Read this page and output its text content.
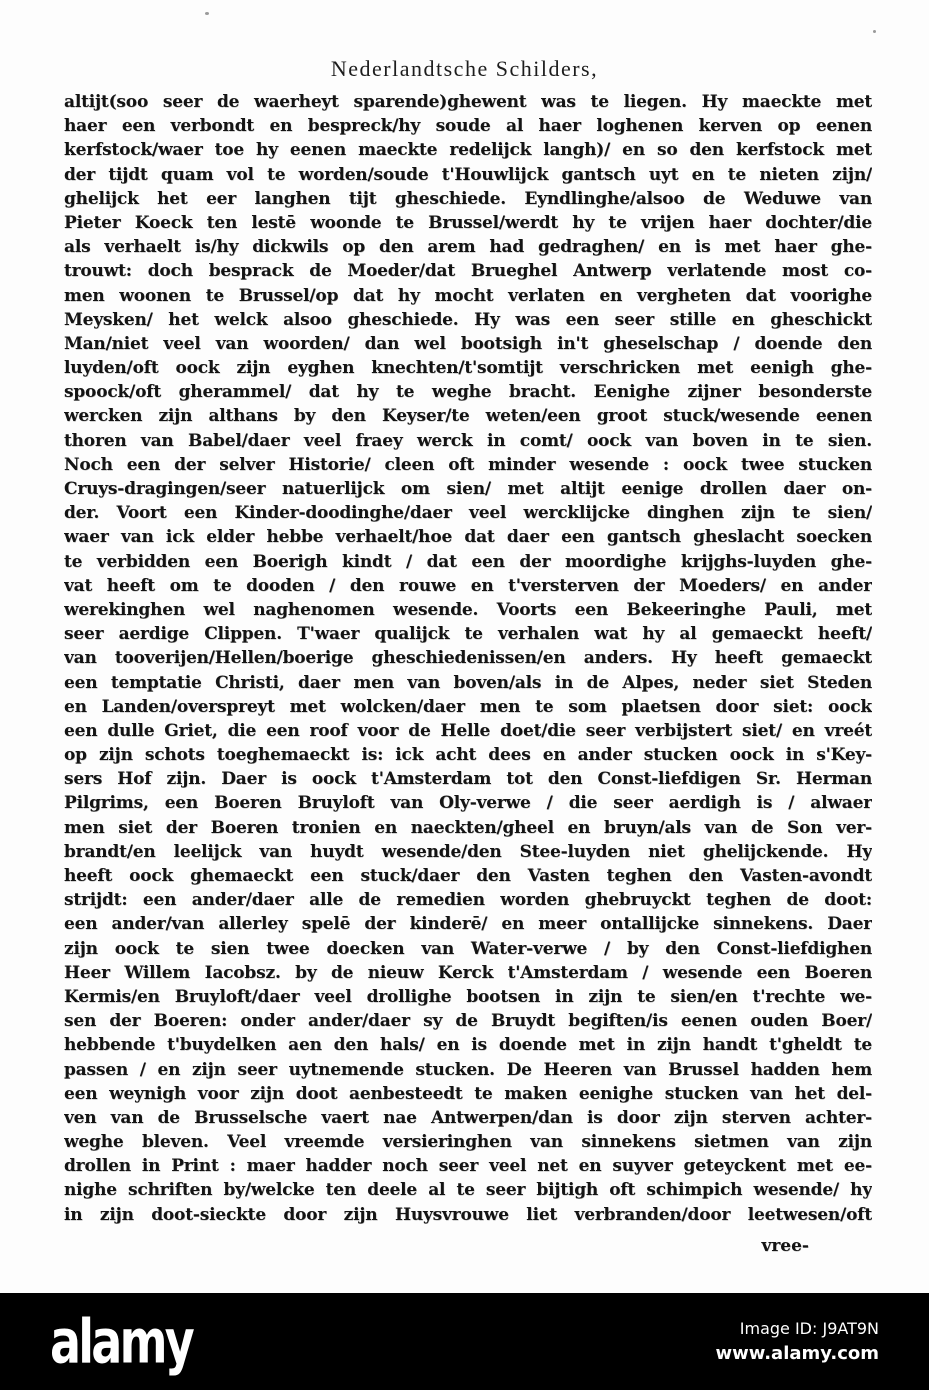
Nederlandtsche Schilders,
altijt(soo seer de waerheyt sparende)ghewent was te liegen. Hy maeckte met
haer een verbondt en bespreck/hy soude al haer loghenen kerven op eenen
kerfstock/waer toe hy eenen maeckte redelijck langh)/ en so den kerfstock met
der tijdt quam vol te worden/soude t'Houwlijck gantsch uyt en te nieten zijn/
ghelijck het eer langhen tijt gheschiede. Eyndlinghe/alsoo de Weduwe van
Pieter Koeck ten lestē woonde te Brussel/werdt hy te vrijen haer dochter/die
als verhaelt is/hy dickwils op den arem had gedraghen/ en is met haer ghe-
trouwt: doch besprack de Moeder/dat Brueghel Antwerp verlatende most co-
men woonen te Brussel/op dat hy mocht verlaten en vergheten dat voorighe
Meysken/ het welck alsoo gheschiede. Hy was een seer stille en gheschickt
Man/niet veel van woorden/ dan wel bootsigh in't gheselschap / doende den
luyden/oft oock zijn eyghen knechten/t'somtijt verschricken met eenigh ghe-
spoock/oft gherammel/ dat hy te weghe bracht. Eenighe zijner besonderste
wercken zijn althans by den Keyser/te weten/een groot stuck/wesende eenen
thoren van Babel/daer veel fraey werck in comt/ oock van boven in te sien.
Noch een der selver Historie/ cleen oft minder wesende : oock twee stucken
Cruys-dragingen/seer natuerlijck om sien/ met altijt eenige drollen daer on-
der. Voort een Kinder-doodinghe/daer veel wercklijcke dinghen zijn te sien/
waer van ick elder hebbe verhaelt/hoe dat daer een gantsch gheslacht soecken
te verbidden een Boerigh kindt / dat een der moordighe krijghs-luyden ghe-
vat heeft om te dooden / den rouwe en t'versterven der Moeders/ en ander
werekinghen wel naghenomen wesende. Voorts een Bekeeringhe Pauli, met
seer aerdige Clippen. T'waer qualijck te verhalen wat hy al gemaeckt heeft/
van tooverijen/Hellen/boerige gheschiedenissen/en anders. Hy heeft gemaeckt
een temptatie Christi, daer men van boven/als in de Alpes, neder siet Steden
en Landen/overspreyt met wolcken/daer men te som plaetsen door siet: oock
een dulle Griet, die een roof voor de Helle doet/die seer verbijstert siet/ en vreét
op zijn schots toeghemaeckt is: ick acht dees en ander stucken oock in s'Key-
sers Hof zijn. Daer is oock t'Amsterdam tot den Const-liefdigen Sr. Herman
Pilgrims, een Boeren Bruyloft van Oly-verwe / die seer aerdigh is / alwaer
men siet der Boeren tronien en naeckten/gheel en bruyn/als van de Son ver-
brandt/en leelijck van huydt wesende/den Stee-luyden niet ghelijckende. Hy
heeft oock ghemaeckt een stuck/daer den Vasten teghen den Vasten-avondt
strijdt: een ander/daer alle de remedien worden ghebruyckt teghen de doot:
een ander/van allerley spelē der kinderē/ en meer ontallijcke sinnekens. Daer
zijn oock te sien twee doecken van Water-verwe / by den Const-liefdighen
Heer Willem Iacobsz. by de nieuw Kerck t'Amsterdam / wesende een Boeren
Kermis/en Bruyloft/daer veel drollighe bootsen in zijn te sien/en t'rechte we-
sen der Boeren: onder ander/daer sy de Bruydt begiften/is eenen ouden Boer/
hebbende t'buydelken aen den hals/ en is doende met in zijn handt t'gheldt te
passen / en zijn seer uytnemende stucken. De Heeren van Brussel hadden hem
een weynigh voor zijn doot aenbesteedt te maken eenighe stucken van het del-
ven van de Brusselsche vaert nae Antwerpen/dan is door zijn sterven achter-
weghe bleven. Veel vreemde versieringhen van sinnekens sietmen van zijn
drollen in Print : maer hadder noch seer veel net en suyver geteyckent met ee-
nighe schriften by/welcke ten deele al te seer bijtigh oft schimpich wesende/ hy
in zijn doot-sieckte door zijn Huysvrouwe liet verbranden/door leetwesen/oft
vree-
alamy	Image ID: J9AT9N
www.alamy.com
